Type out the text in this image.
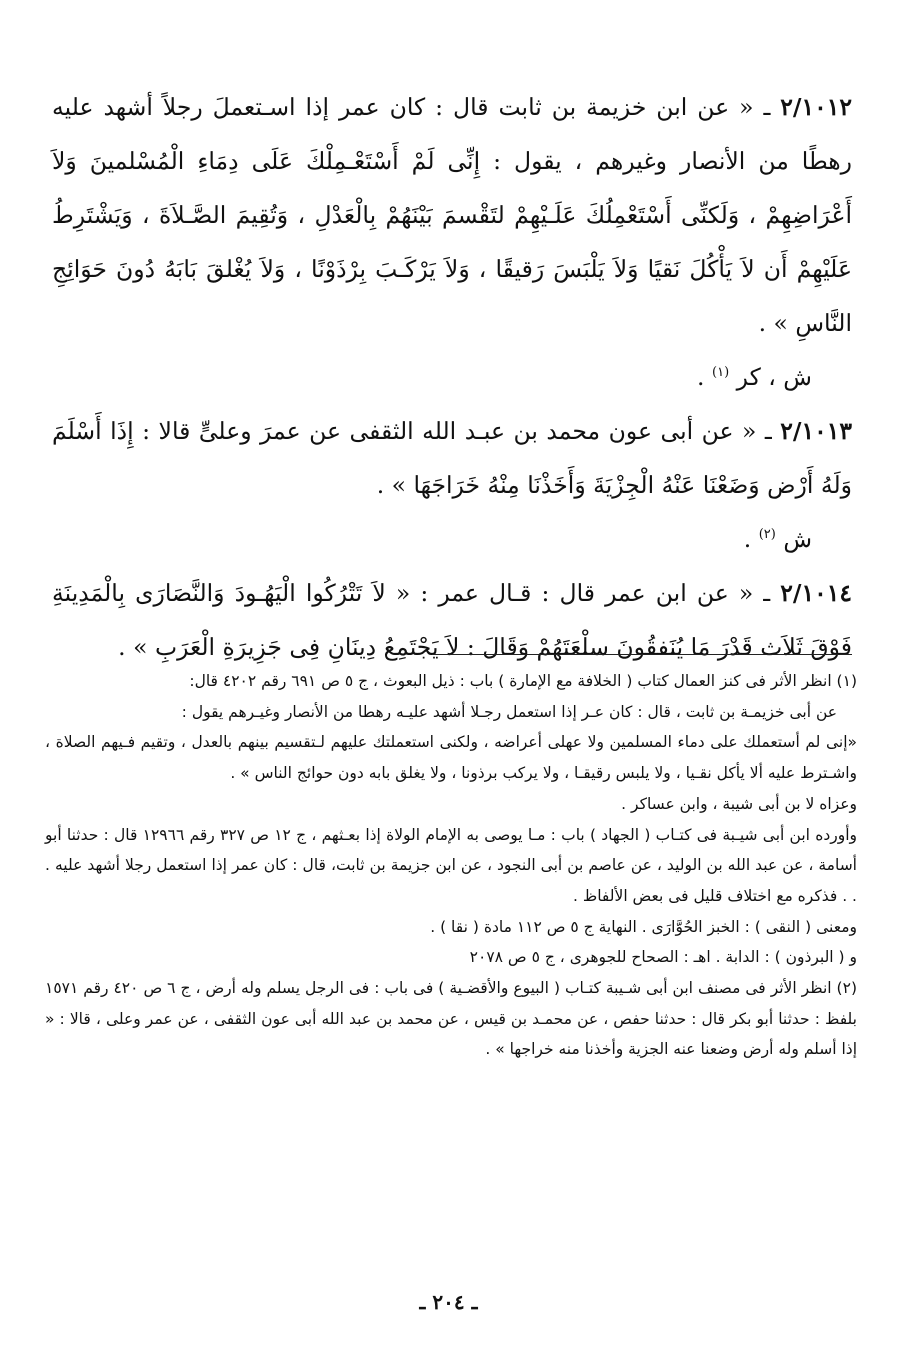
٢/١٠١٢ ـ « عن ابن خزيمة بن ثابت قال : كان عمر إذا اسـتعملَ رجلاً أشهد عليه رهطًا من الأنصار وغيرهم ، يقول : إِنِّى لَمْ أَسْتَعْـمِلْكَ عَلَى دِمَاءِ الْمُسْلمينَ وَلاَ أَعْرَاضِهِمْ ، وَلَكنِّى أَسْتَعْمِلُكَ عَلَـيْهِمْ لتَقْسمَ بَيْنَهُمْ بِالْعَدْلِ ، وَتُقِيمَ الصَّـلاَةَ ، وَيَشْتَرِطُ عَلَيْهِمْ أَن لاَ يَأْكُلَ نَقيًا وَلاَ يَلْبَسَ رَقيقًا ، وَلاَ يَرْكَـبَ بِرْذَوْنًا ، وَلاَ يُغْلقَ بَابَهُ دُونَ حَوَائِجِ النَّاسِ » .

ش ، كر $^{(١)}$ .

٢/١٠١٣ ـ « عن أبى عون محمد بن عبـد الله الثقفى عن عمرَ وعلىٍّ قالا : إِذَا أَسْلَمَ وَلَهُ أَرْض وَضَعْنَا عَنْهُ الْجِزْيَةَ وَأَخَذْنَا مِنْهُ خَرَاجَهَا » .

ش $^{(٢)}$ .

٢/١٠١٤ ـ « عن ابن عمر قال : قـال عمر : « لاَ تَتْرُكُوا الْيَهُـودَ وَالنَّصَارَى بِالْمَدِينَةِ فَوْقَ ثَلاَث قَدْرَ مَا يُنَفقُونَ سلْعَتَهُمْ وَقَالَ : لاَ يَجْتَمِعُ دِينَانِ فِى جَزِيرَةِ الْعَرَبِ » .

(١) انظر الأثر فى كنز العمال كتاب ( الخلافة مع الإمارة ) باب : ذيل البعوث ، ج ٥ ص ٦٩١ رقم ٤٢٠٢ قال:

عن أبى خزيمـة بن ثابت ، قال : كان عـر إذا استعمل رجـلا أشهد عليـه رهطا من الأنصار وغيـرهم يقول :

«إنى لم أستعملك على دماء المسلمين ولا عهلى أعراضه ، ولكنى استعملتك عليهم لـتقسيم بينهم بالعدل ، وتقيم فـيهم الصلاة ، واشـترط عليه ألا يأكل نقـيا ، ولا يلبس رقيقـا ، ولا يركب برذونا ، ولا يغلق بابه دون حوائج الناس » .

وعزاه لا بن أبى شيبة ، وابن عساكر .

وأورده ابن أبى شيـبة فى كتـاب ( الجهاد ) باب : مـا يوصى به الإمام الولاة إذا بعـثهم ، ج ١٢ ص ٣٢٧ رقم ١٢٩٦٦ قال : حدثنا أبو أسامة ، عن عبد الله بن الوليد ، عن عاصم بن أبى النجود ، عن ابن جزيمة بن ثابت، قال : كان عمر إذا استعمل رجلا أشهد عليه . . . فذكره مع اختلاف قليل فى بعض الألفاظ .

ومعنى ( النقى ) : الخبز الحُوَّارَى . النهاية ج ٥ ص ١١٢ مادة ( نقا ) .

و ( البرذون ) : الدابة . اهـ : الصحاح للجوهرى ، ج ٥ ص ٢٠٧٨

(٢) انظر الأثر فى مصنف ابن أبى شـيبة كتـاب ( البيوع والأقضـية ) فى باب : فى الرجل يسلم وله أرض ، ج ٦ ص ٤٢٠ رقم ١٥٧١ بلفظ : حدثنا أبو بكر قال : حدثنا حفص ، عن محمـد بن قيس ، عن محمد بن عبد الله أبى عون الثقفى ، عن عمر وعلى ، قالا : « إذا أسلم وله أرض وضعنا عنه الجزية وأخذنا منه خراجها » .

ـ ٢٠٤ ـ
